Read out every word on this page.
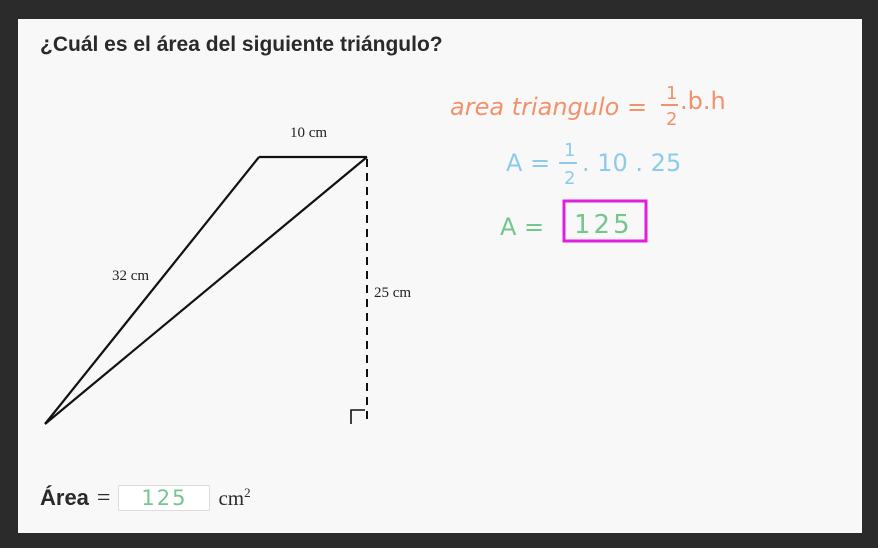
¿Cuál es el área del siguiente triángulo?
10 cm
32 cm
25 cm
area triangulo = 1
2
.b.h
A = 1
2
. 10 . 25
A = 125
Área = 125 $cm^2$
